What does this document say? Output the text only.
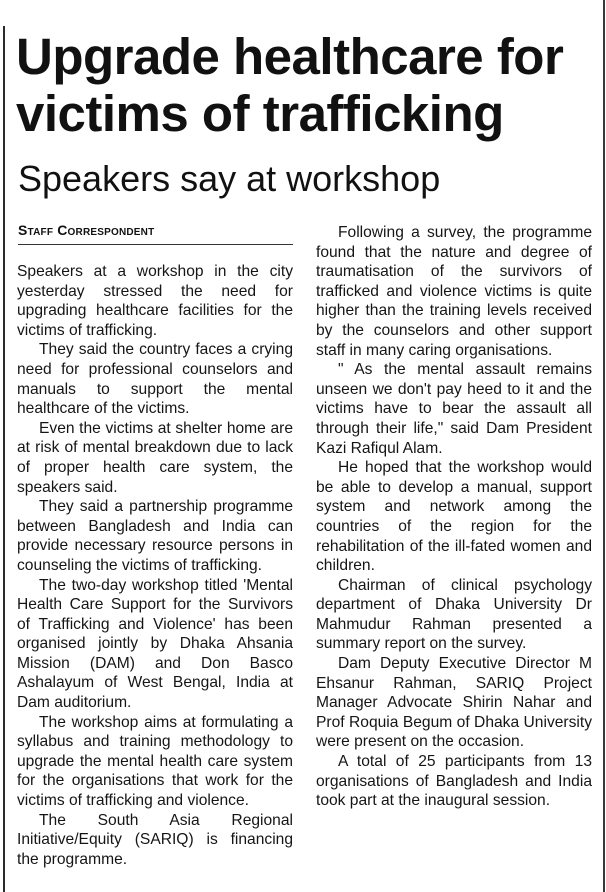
Upgrade healthcare for victims of trafficking
Speakers say at workshop
Staff Correspondent

Speakers at a workshop in the city yesterday stressed the need for upgrading healthcare facilities for the victims of trafficking.

They said the country faces a crying need for professional counselors and manuals to support the mental healthcare of the victims.

Even the victims at shelter home are at risk of mental breakdown due to lack of proper health care system, the speakers said.

They said a partnership programme between Bangladesh and India can provide necessary resource persons in counseling the victims of trafficking.

The two-day workshop titled 'Mental Health Care Support for the Survivors of Trafficking and Violence' has been organised jointly by Dhaka Ahsania Mission (DAM) and Don Basco Ashalayum of West Bengal, India at Dam auditorium.

The workshop aims at formulating a syllabus and training methodology to upgrade the mental health care system for the organisations that work for the victims of trafficking and violence.

The South Asia Regional Initiative/Equity (SARIQ) is financing the programme.

Following a survey, the programme found that the nature and degree of traumatisation of the survivors of trafficked and violence victims is quite higher than the training levels received by the counselors and other support staff in many caring organisations.

" As the mental assault remains unseen we don't pay heed to it and the victims have to bear the assault all through their life," said Dam President Kazi Rafiqul Alam.

He hoped that the workshop would be able to develop a manual, support system and network among the countries of the region for the rehabilitation of the ill-fated women and children.

Chairman of clinical psychology department of Dhaka University Dr Mahmudur Rahman presented a summary report on the survey.

Dam Deputy Executive Director M Ehsanur Rahman, SARIQ Project Manager Advocate Shirin Nahar and Prof Roquia Begum of Dhaka University were present on the occasion.

A total of 25 participants from 13 organisations of Bangladesh and India took part at the inaugural session.
